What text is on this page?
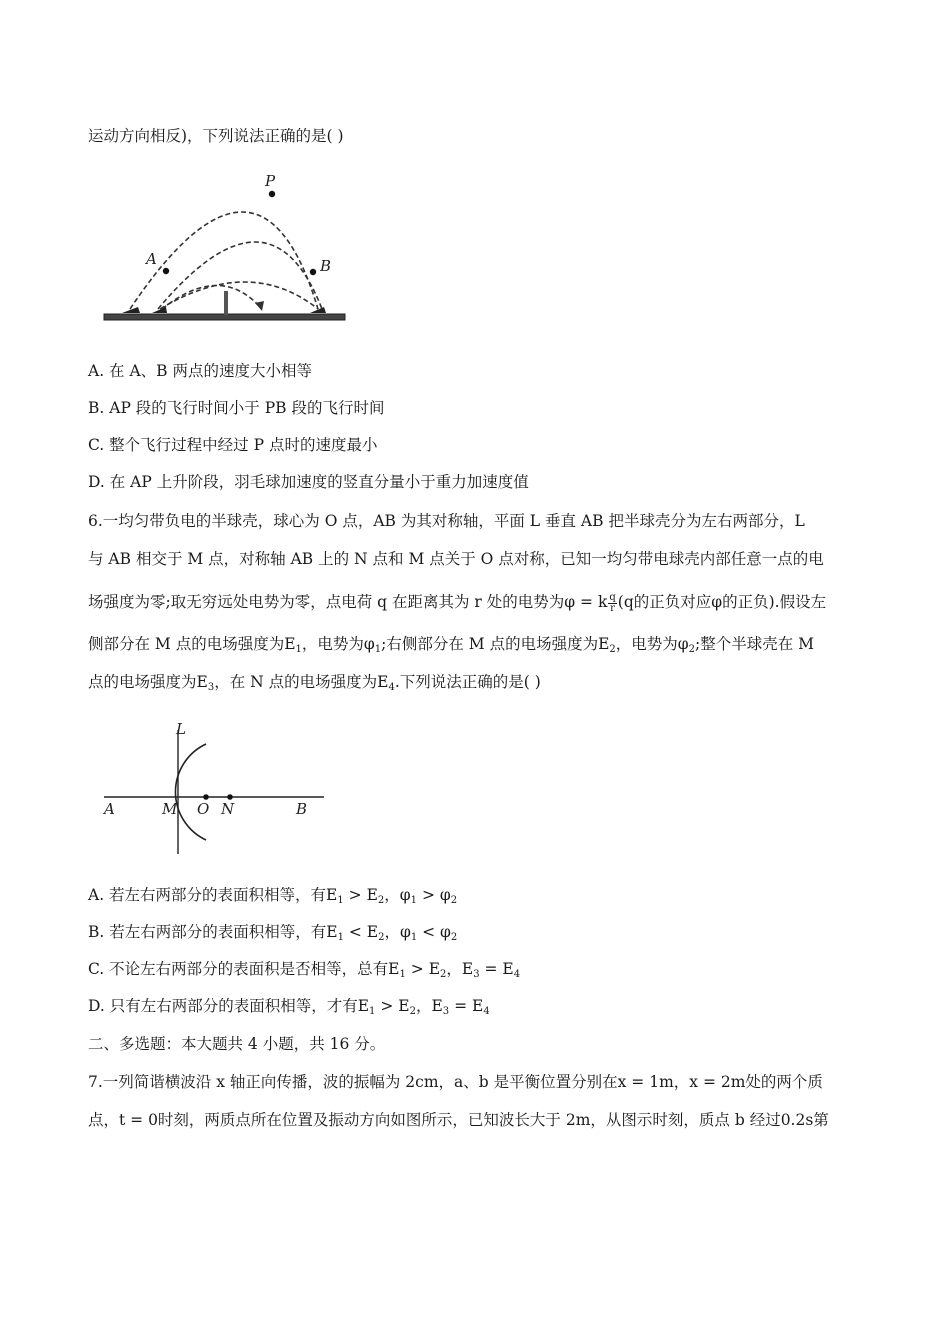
运动方向相反)，下列说法正确的是( )
P
A	B
A. 在 A、B 两点的速度大小相等
B. AP 段的飞行时间小于 PB 段的飞行时间
C. 整个飞行过程中经过 P 点时的速度最小
D. 在 AP 上升阶段，羽毛球加速度的竖直分量小于重力加速度值
6.一均匀带负电的半球壳，球心为 O 点，AB 为其对称轴，平面 L 垂直 AB 把半球壳分为左右两部分，L
与 AB 相交于 M 点，对称轴 AB 上的 N 点和 M 点关于 O 点对称，已知一均匀带电球壳内部任意一点的电
场强度为零;取无穷远处电势为零，点电荷 q 在距离其为 r 处的电势为φ = k $\frac{q}{r} (q$的正负对应φ的正负).假设左
侧部分在 M 点的电场强度为$E_1$，电势为$\varphi_1$;右侧部分在 M 点的电场强度为$E_2$，电势为$\varphi_2$;整个半球壳在 M
点的电场强度为$E_3$，在 N 点的电场强度为$E_4$.下列说法正确的是( )
L
A	M O N	B
A. 若左右两部分的表面积相等，有$E_1 > E_2$，$\varphi_1 > \varphi_2$
B. 若左右两部分的表面积相等，有$E_1 < E_2$，$\varphi_1 < \varphi_2$
C. 不论左右两部分的表面积是否相等，总有$E_1 > E_2$，$E_3 = E_4$
D. 只有左右两部分的表面积相等，才有$E_1 > E_2$，$E_3 = E_4$
二、多选题：本大题共 4 小题，共 16 分。
7.一列简谐横波沿 x 轴正向传播，波的振幅为 2cm，a、b 是平衡位置分别在x = 1m，x = 2m处的两个质
点，t = 0时刻，两质点所在位置及振动方向如图所示，已知波长大于 2m，从图示时刻，质点 b 经过0.2s第
